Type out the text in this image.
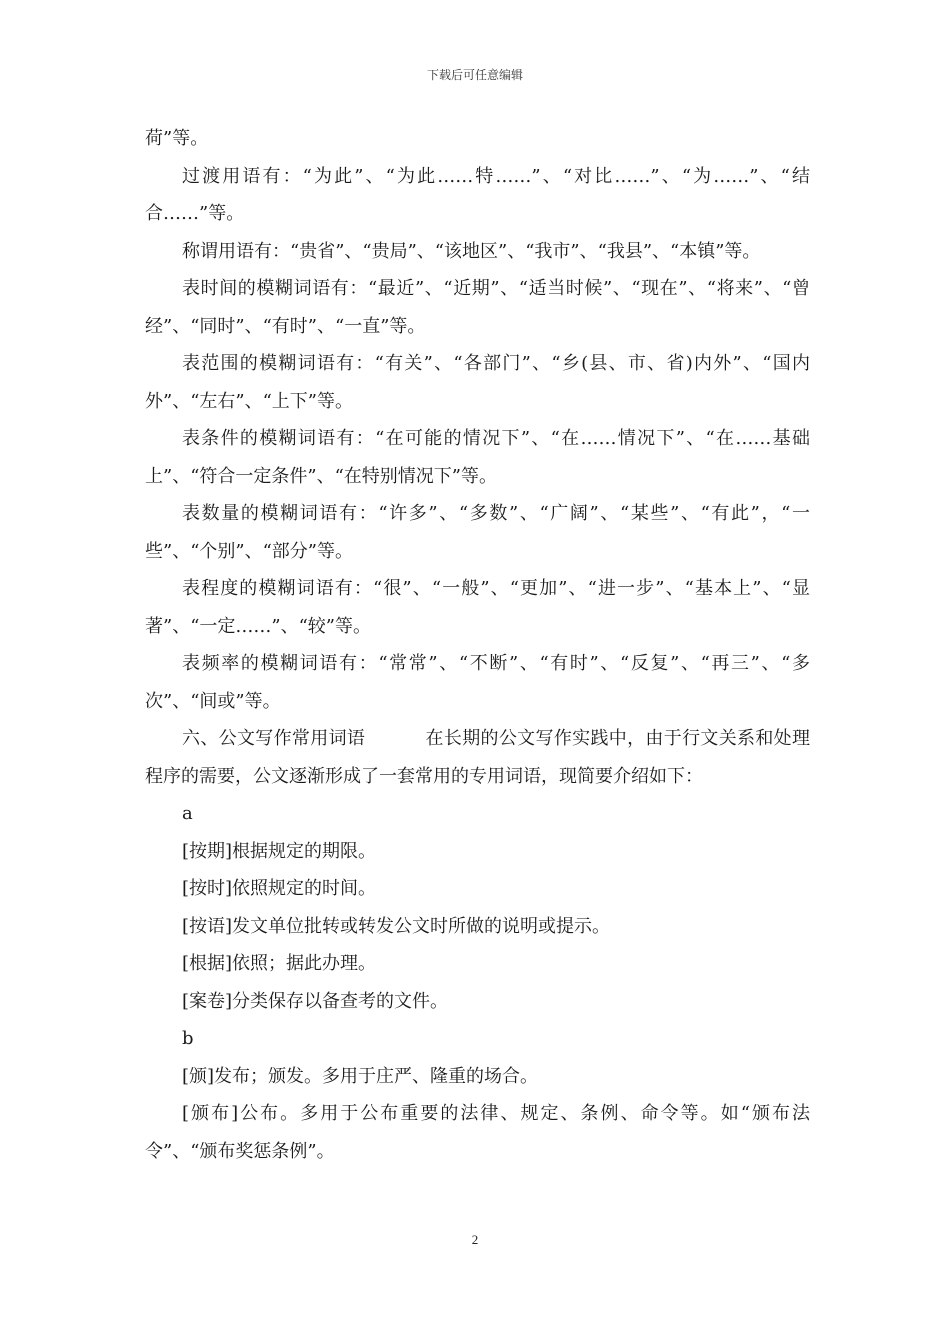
下载后可任意编辑

荷”等。

过渡用语有：“为此”、“为此……特……”、“对比……”、“为……”、“结合……”等。

称谓用语有：“贵省”、“贵局”、“该地区”、“我市”、“我县”、“本镇”等。

表时间的模糊词语有：“最近”、“近期”、“适当时候”、“现在”、“将来”、“曾经”、“同时”、“有时”、“一直”等。

表范围的模糊词语有：“有关”、“各部门”、“乡(县、市、省)内外”、“国内外”、“左右”、“上下”等。

表条件的模糊词语有：“在可能的情况下”、“在……情况下”、“在……基础上”、“符合一定条件”、“在特别情况下”等。

表数量的模糊词语有：“许多”、“多数”、“广阔”、“某些”、“有此”，“一些”、“个别”、“部分”等。

表程度的模糊词语有：“很”、“一般”、“更加”、“进一步”、“基本上”、“显著”、“一定……”、“较”等。

表频率的模糊词语有：“常常”、“不断”、“有时”、“反复”、“再三”、“多次”、“间或”等。

六、公文写作常用词语	在长期的公文写作实践中，由于行文关系和处理程序的需要，公文逐渐形成了一套常用的专用词语，现简要介绍如下：

a

[按期]根据规定的期限。

[按时]依照规定的时间。

[按语]发文单位批转或转发公文时所做的说明或提示。

[根据]依照；据此办理。

[案卷]分类保存以备查考的文件。

b

[颁]发布；颁发。多用于庄严、隆重的场合。

[颁布]公布。多用于公布重要的法律、规定、条例、命令等。如“颁布法令”、“颁布奖惩条例”。

2
